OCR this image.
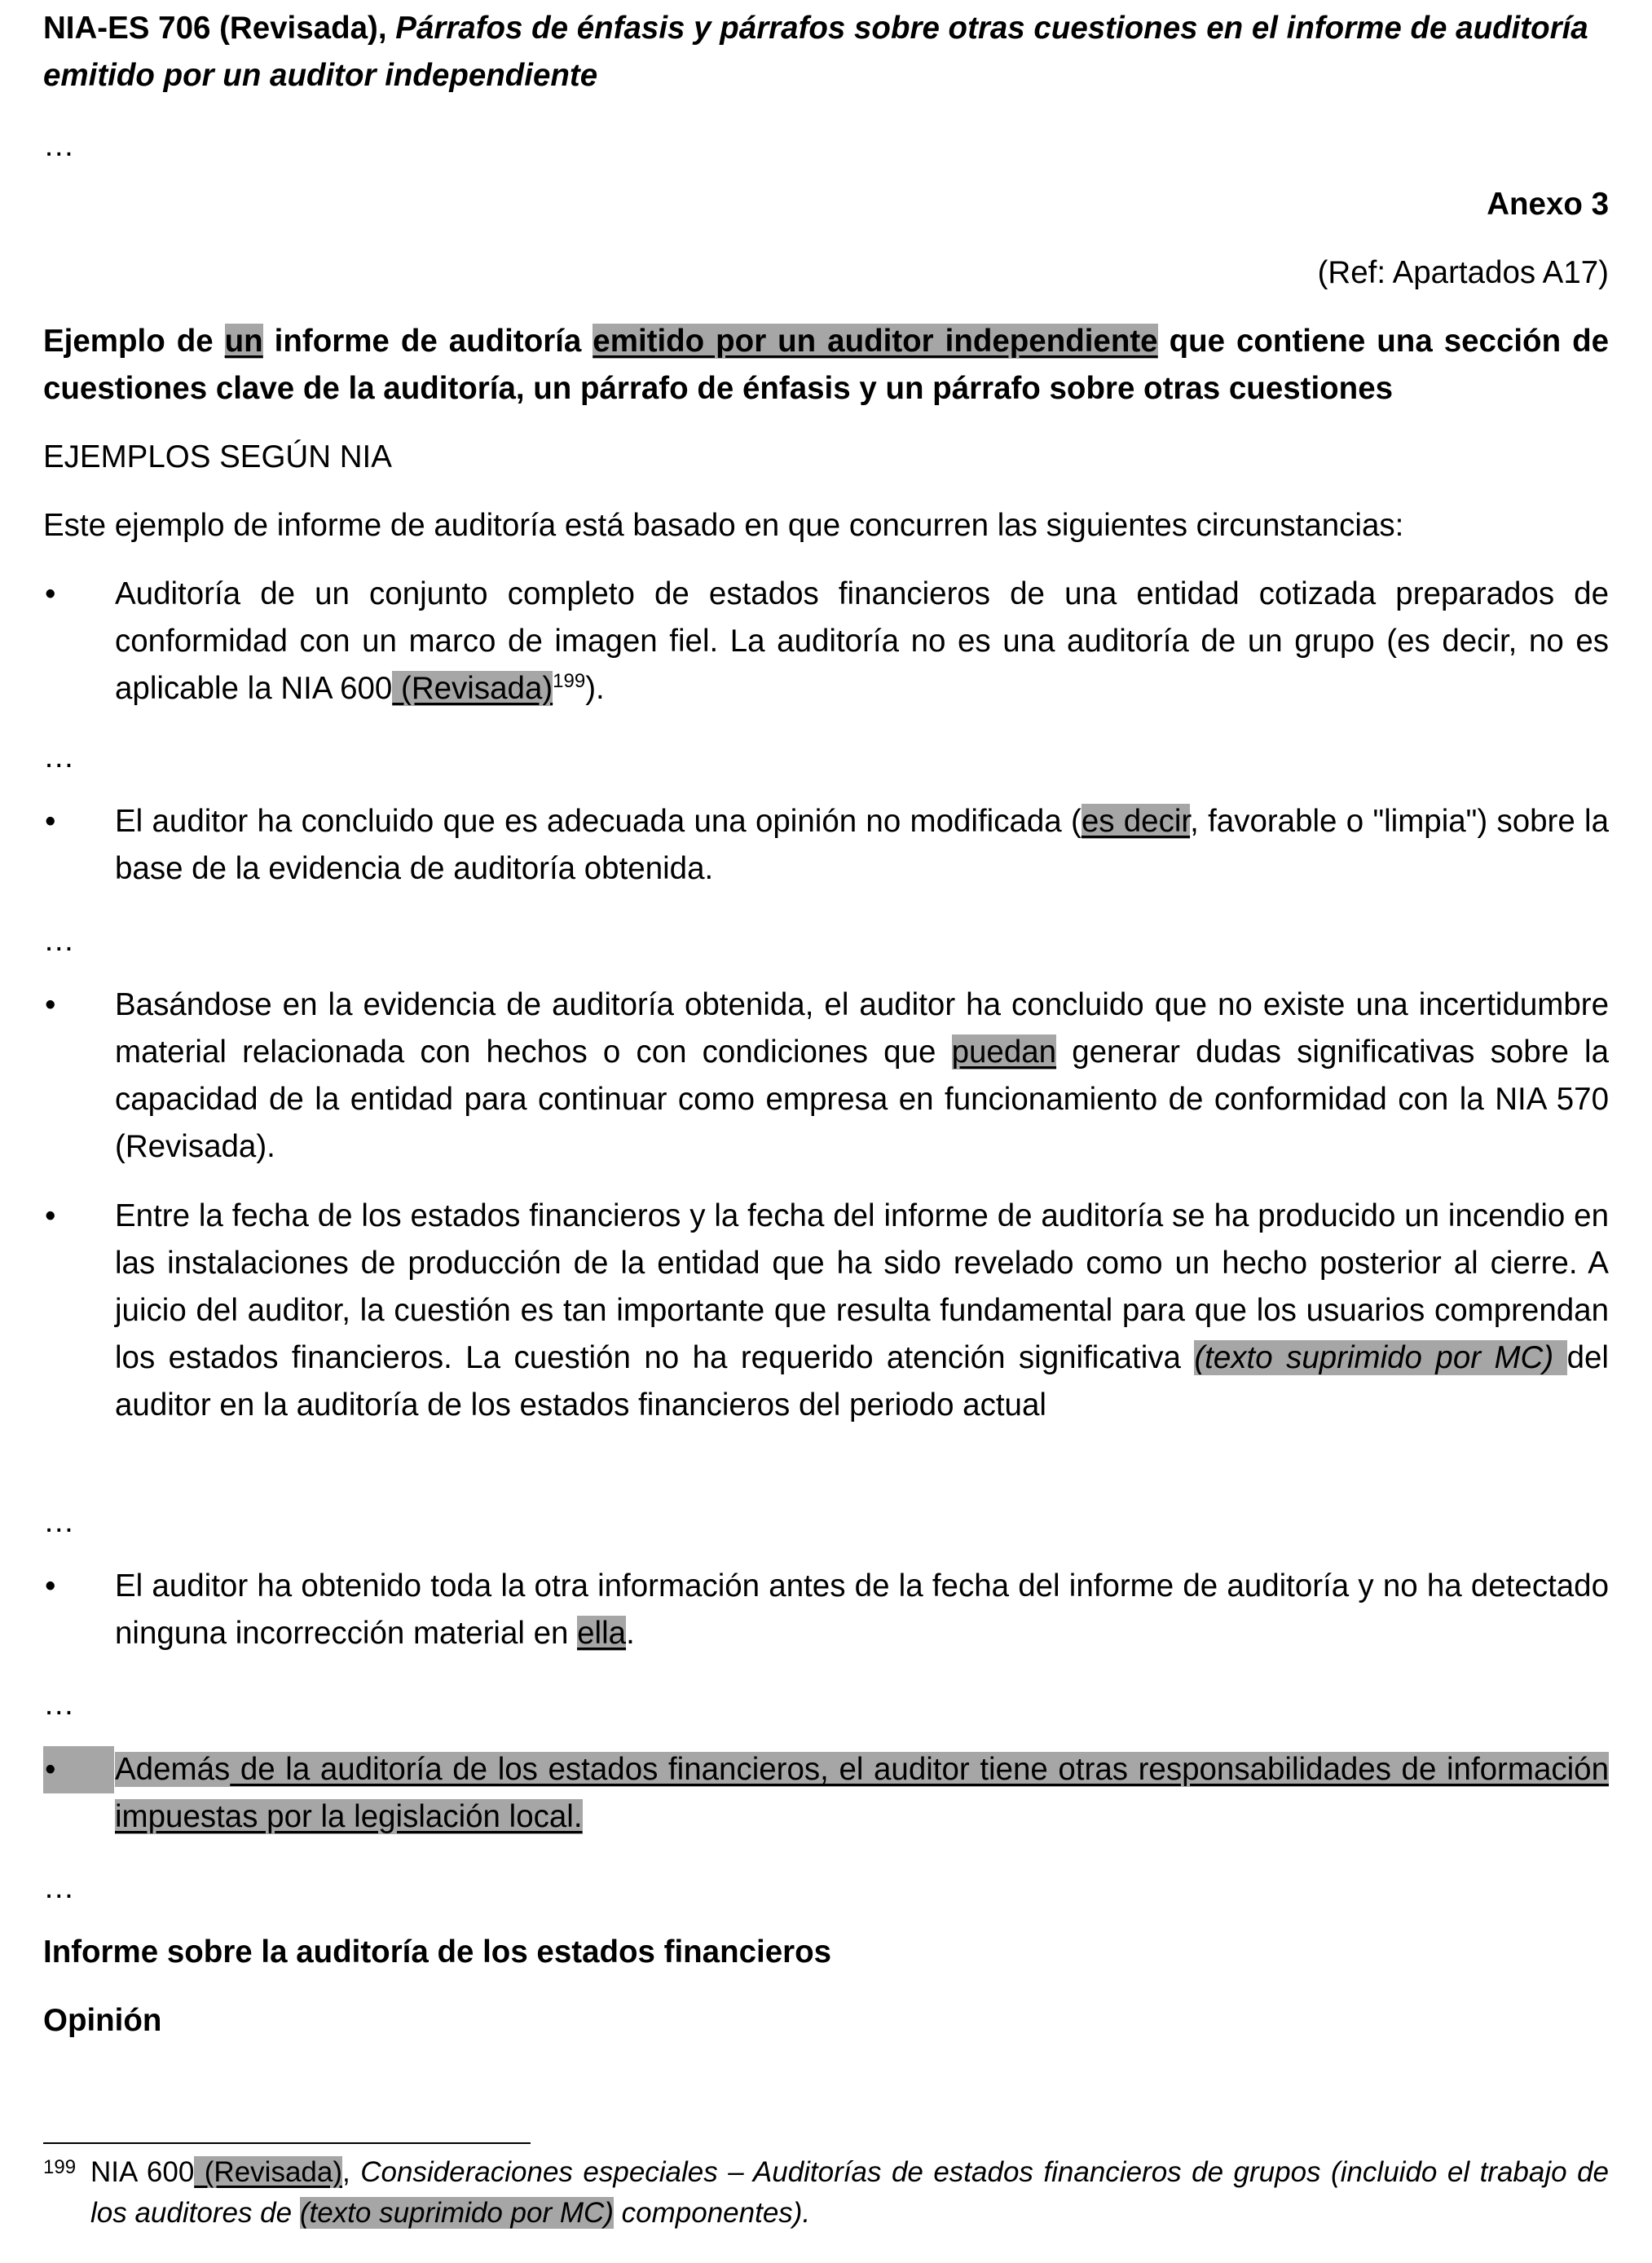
NIA-ES 706 (Revisada), Párrafos de énfasis y párrafos sobre otras cuestiones en el informe de auditoría emitido por un auditor independiente

…

Anexo 3

(Ref: Apartados A17)

Ejemplo de un informe de auditoría emitido por un auditor independiente que contiene una sección de cuestiones clave de la auditoría, un párrafo de énfasis y un párrafo sobre otras cuestiones

EJEMPLOS SEGÚN NIA

Este ejemplo de informe de auditoría está basado en que concurren las siguientes circunstancias:

•	Auditoría de un conjunto completo de estados financieros de una entidad cotizada preparados de conformidad con un marco de imagen fiel. La auditoría no es una auditoría de un grupo (es decir, no es aplicable la NIA 600 (Revisada)$^{199}$).

…

•	El auditor ha concluido que es adecuada una opinión no modificada (es decir, favorable o "limpia") sobre la base de la evidencia de auditoría obtenida.

…

•	Basándose en la evidencia de auditoría obtenida, el auditor ha concluido que no existe una incertidumbre material relacionada con hechos o con condiciones que puedan generar dudas significativas sobre la capacidad de la entidad para continuar como empresa en funcionamiento de conformidad con la NIA 570 (Revisada).
•	Entre la fecha de los estados financieros y la fecha del informe de auditoría se ha producido un incendio en las instalaciones de producción de la entidad que ha sido revelado como un hecho posterior al cierre. A juicio del auditor, la cuestión es tan importante que resulta fundamental para que los usuarios comprendan los estados financieros. La cuestión no ha requerido atención significativa (texto suprimido por MC) del auditor en la auditoría de los estados financieros del periodo actual

…

•	El auditor ha obtenido toda la otra información antes de la fecha del informe de auditoría y no ha detectado ninguna incorrección material en ella.

…

•	Además de la auditoría de los estados financieros, el auditor tiene otras responsabilidades de información impuestas por la legislación local.

…

Informe sobre la auditoría de los estados financieros

Opinión

199 NIA 600 (Revisada), Consideraciones especiales – Auditorías de estados financieros de grupos (incluido el trabajo de los auditores de (texto suprimido por MC) componentes).
